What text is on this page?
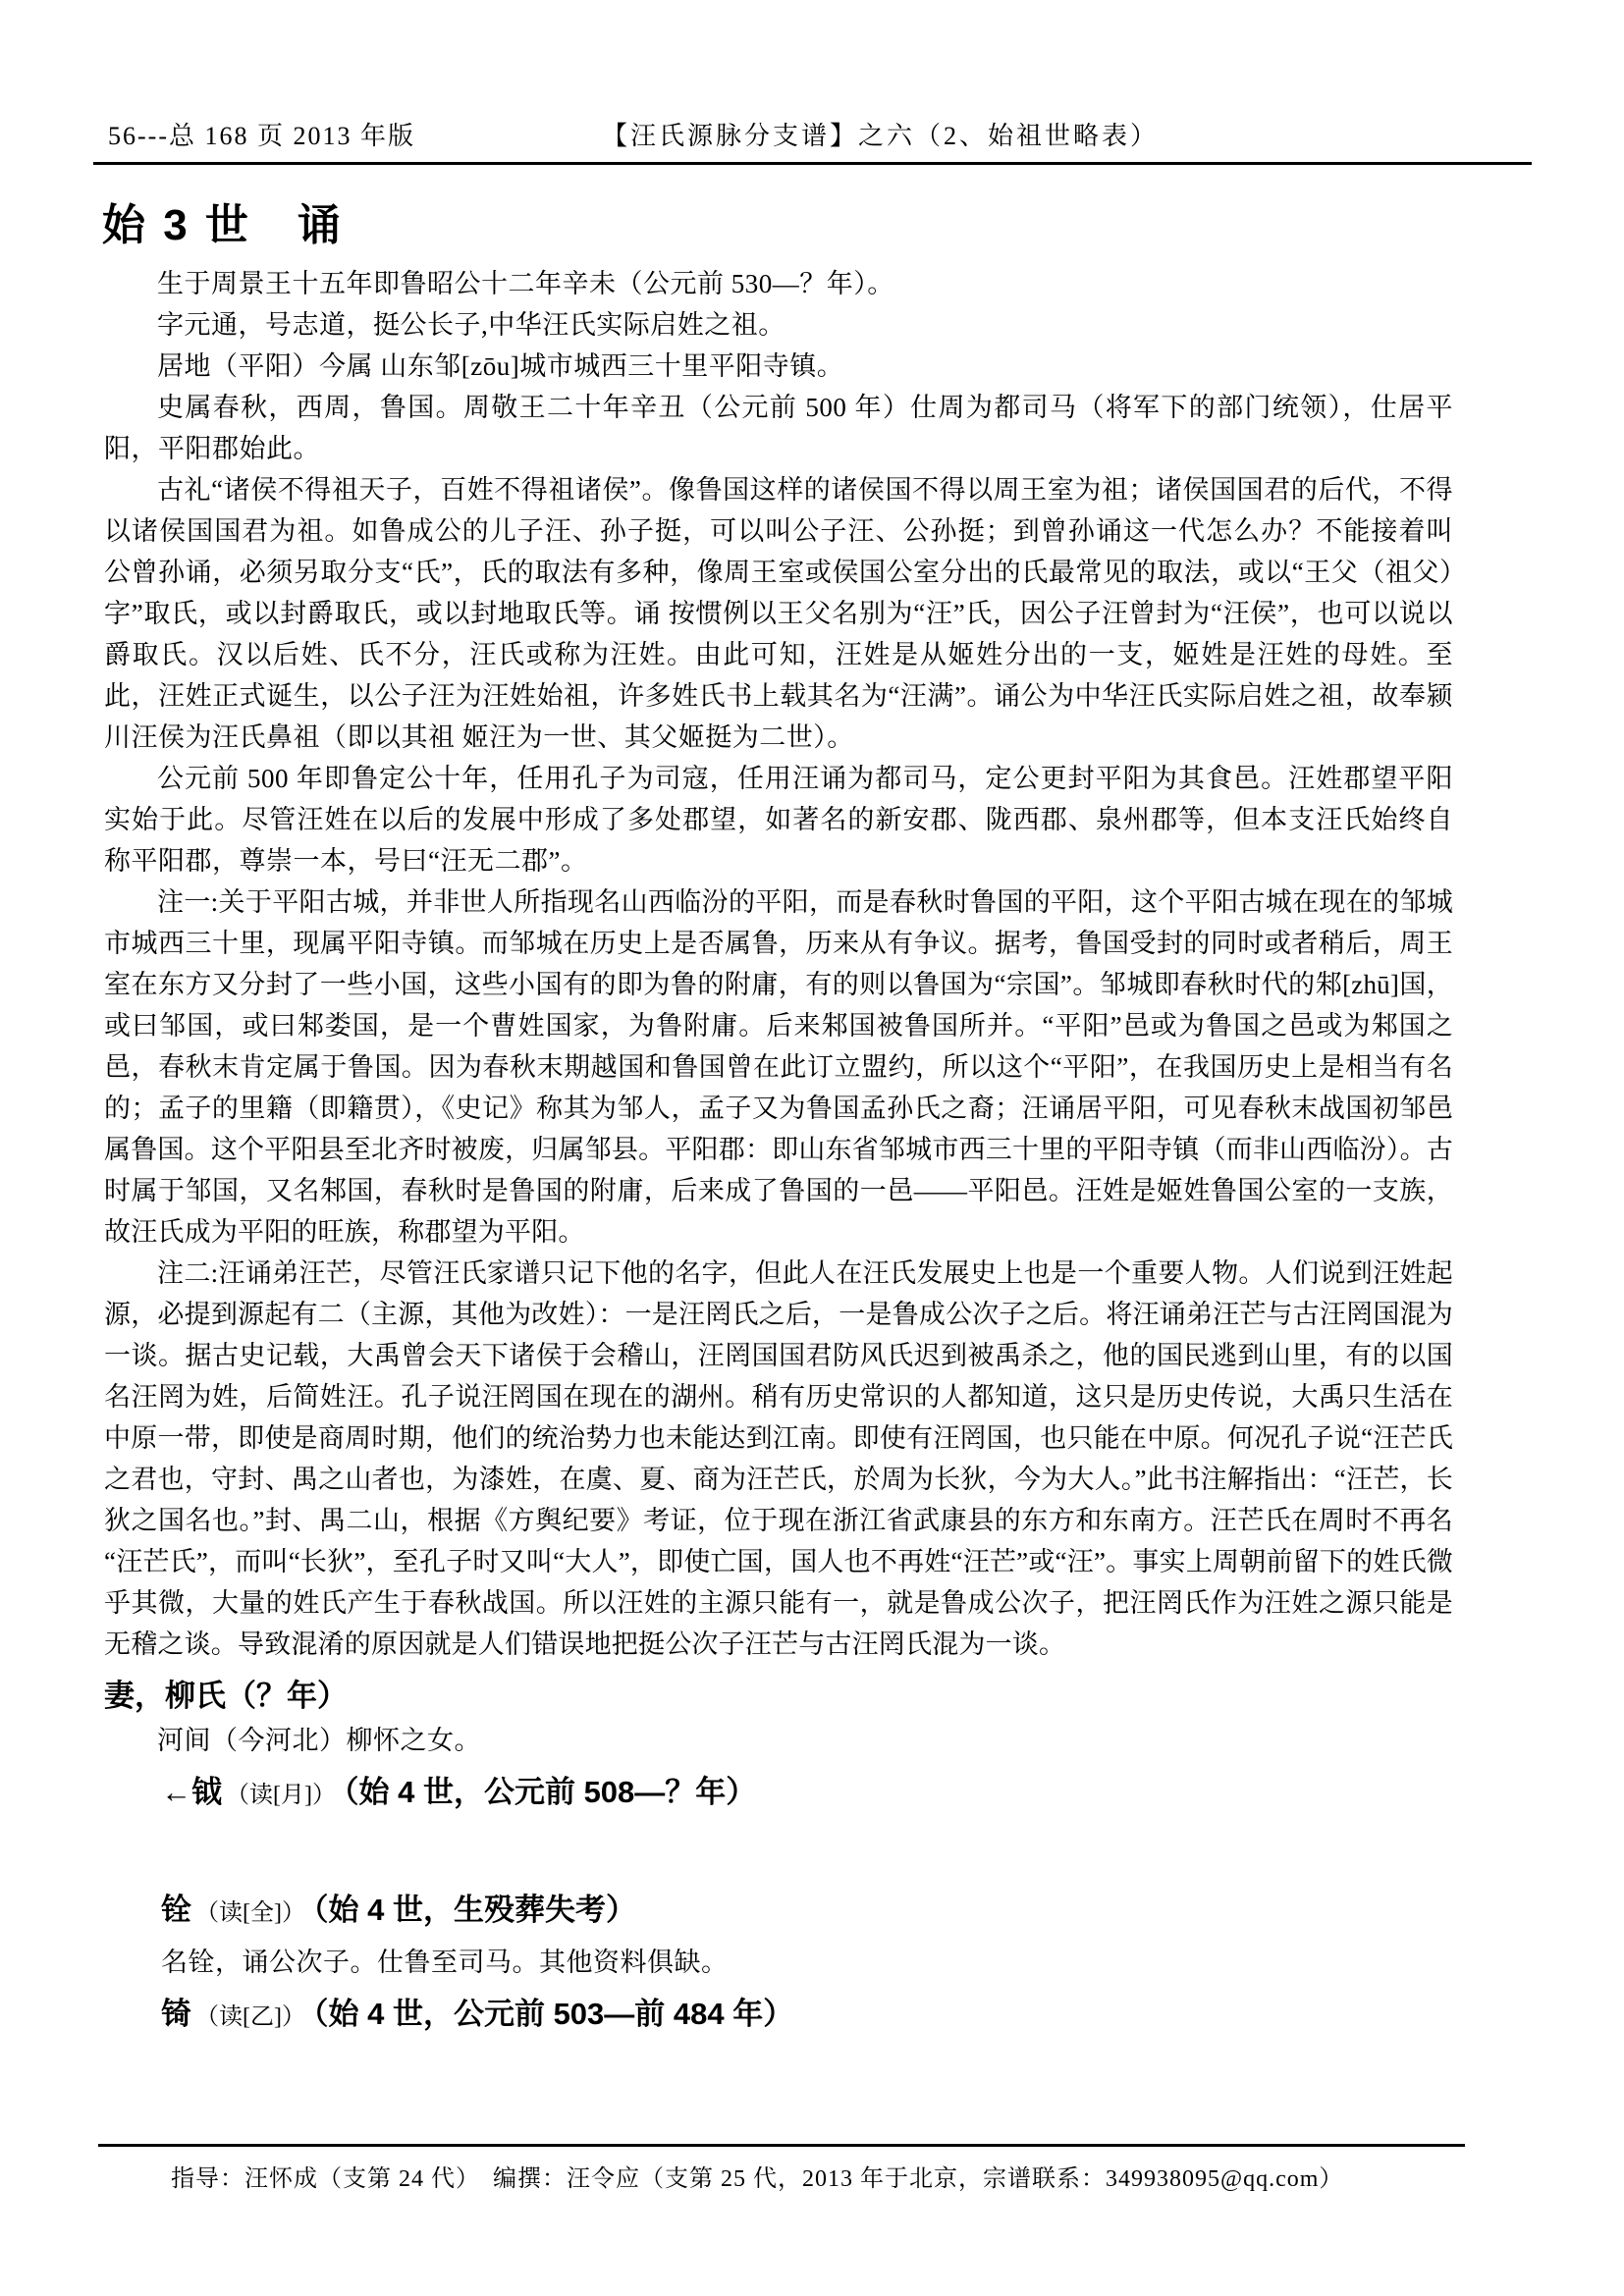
56---总 168 页 2013 年版	【汪氏源脉分支谱】之六（2、始祖世略表）
始 3 世　诵

生于周景王十五年即鲁昭公十二年辛未（公元前 530—？年）。

字元通，号志道，挺公长子,中华汪氏实际启姓之祖。

居地（平阳）今属 山东邹[zōu]城市城西三十里平阳寺镇。

史属春秋，西周，鲁国。周敬王二十年辛丑（公元前 500 年）仕周为都司马（将军下的部门统领），仕居平阳，平阳郡始此。

古礼“诸侯不得祖天子，百姓不得祖诸侯”。像鲁国这样的诸侯国不得以周王室为祖；诸侯国国君的后代，不得以诸侯国国君为祖。如鲁成公的儿子汪、孙子挺，可以叫公子汪、公孙挺；到曾孙诵这一代怎么办？不能接着叫公曾孙诵，必须另取分支“氏”，氏的取法有多种，像周王室或侯国公室分出的氏最常见的取法，或以“王父（祖父）字”取氏，或以封爵取氏，或以封地取氏等。诵 按惯例以王父名别为“汪”氏，因公子汪曾封为“汪侯”，也可以说以爵取氏。汉以后姓、氏不分，汪氏或称为汪姓。由此可知，汪姓是从姬姓分出的一支，姬姓是汪姓的母姓。至此，汪姓正式诞生，以公子汪为汪姓始祖，许多姓氏书上载其名为“汪满”。诵公为中华汪氏实际启姓之祖，故奉颍川汪侯为汪氏鼻祖（即以其祖 姬汪为一世、其父姬挺为二世）。

公元前 500 年即鲁定公十年，任用孔子为司寇，任用汪诵为都司马，定公更封平阳为其食邑。汪姓郡望平阳实始于此。尽管汪姓在以后的发展中形成了多处郡望，如著名的新安郡、陇西郡、泉州郡等，但本支汪氏始终自称平阳郡，尊崇一本，号曰“汪无二郡”。

注一:关于平阳古城，并非世人所指现名山西临汾的平阳，而是春秋时鲁国的平阳，这个平阳古城在现在的邹城市城西三十里，现属平阳寺镇。而邹城在历史上是否属鲁，历来从有争议。据考，鲁国受封的同时或者稍后，周王室在东方又分封了一些小国，这些小国有的即为鲁的附庸，有的则以鲁国为“宗国”。邹城即春秋时代的邾[zhū]国，或曰邹国，或曰邾娄国，是一个曹姓国家，为鲁附庸。后来邾国被鲁国所并。“平阳”邑或为鲁国之邑或为邾国之邑，春秋末肯定属于鲁国。因为春秋末期越国和鲁国曾在此订立盟约，所以这个“平阳”，在我国历史上是相当有名的；孟子的里籍（即籍贯），《史记》称其为邹人，孟子又为鲁国孟孙氏之裔；汪诵居平阳，可见春秋末战国初邹邑属鲁国。这个平阳县至北齐时被废，归属邹县。平阳郡：即山东省邹城市西三十里的平阳寺镇（而非山西临汾）。古时属于邹国，又名邾国，春秋时是鲁国的附庸，后来成了鲁国的一邑——平阳邑。汪姓是姬姓鲁国公室的一支族，故汪氏成为平阳的旺族，称郡望为平阳。

注二:汪诵弟汪芒，尽管汪氏家谱只记下他的名字，但此人在汪氏发展史上也是一个重要人物。人们说到汪姓起源，必提到源起有二（主源，其他为改姓）：一是汪罔氏之后，一是鲁成公次子之后。将汪诵弟汪芒与古汪罔国混为一谈。据古史记载，大禹曾会天下诸侯于会稽山，汪罔国国君防风氏迟到被禹杀之，他的国民逃到山里，有的以国名汪罔为姓，后简姓汪。孔子说汪罔国在现在的湖州。稍有历史常识的人都知道，这只是历史传说，大禹只生活在中原一带，即使是商周时期，他们的统治势力也未能达到江南。即使有汪罔国，也只能在中原。何况孔子说“汪芒氏之君也，守封、禺之山者也，为漆姓，在虞、夏、商为汪芒氏，於周为长狄，今为大人。”此书注解指出：“汪芒，长狄之国名也。”封、禺二山，根据《方舆纪要》考证，位于现在浙江省武康县的东方和东南方。汪芒氏在周时不再名“汪芒氏”，而叫“长狄”，至孔子时又叫“大人”，即使亡国，国人也不再姓“汪芒”或“汪”。事实上周朝前留下的姓氏微乎其微，大量的姓氏产生于春秋战国。所以汪姓的主源只能有一，就是鲁成公次子，把汪罔氏作为汪姓之源只能是无稽之谈。导致混淆的原因就是人们错误地把挺公次子汪芒与古汪罔氏混为一谈。

妻，柳氏（？年）

河间（今河北）柳怀之女。

←钺 （读[月]） （始 4 世，公元前 508—？年）
铨 （读[全]） （始 4 世，生殁葬失考）

名铨，诵公次子。仕鲁至司马。其他资料俱缺。

锜 （读[乙]） （始 4 世，公元前 503—前 484 年）
指导：汪怀成（支第 24 代）　编撰：汪令应（支第 25 代，2013 年于北京，宗谱联系：349938095@qq.com）
